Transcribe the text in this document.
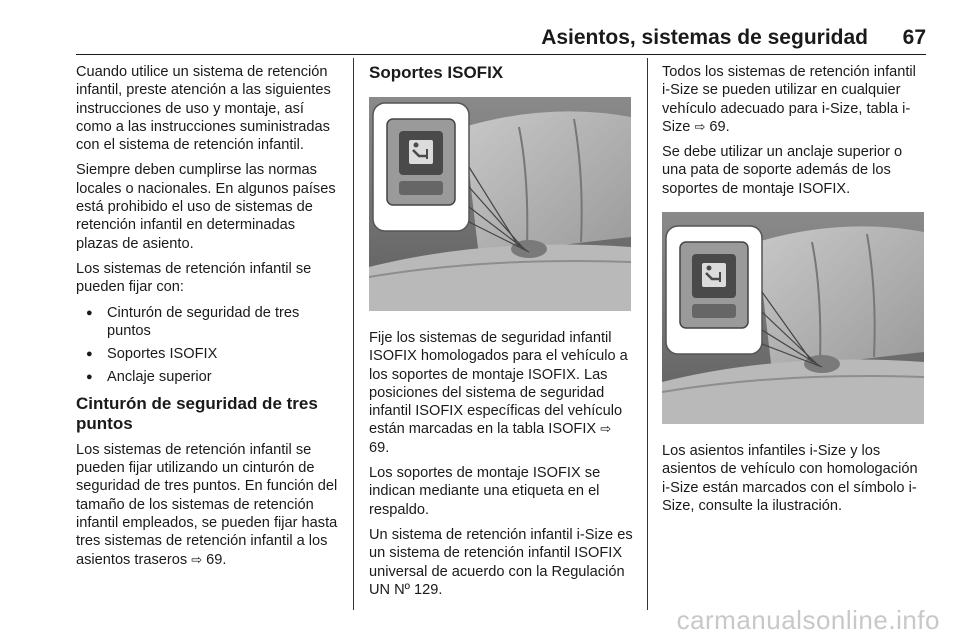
Asientos, sistemas de seguridad 67

Cuando utilice un sistema de retención infantil, preste atención a las siguientes instrucciones de uso y montaje, así como a las instrucciones suministradas con el sistema de retención infantil.

Siempre deben cumplirse las normas locales o nacionales. En algunos países está prohibido el uso de sistemas de retención infantil en determinadas plazas de asiento.

Los sistemas de retención infantil se pueden fijar con:

● Cinturón de seguridad de tres puntos
● Soportes ISOFIX
● Anclaje superior
Cinturón de seguridad de tres puntos

Los sistemas de retención infantil se pueden fijar utilizando un cinturón de seguridad de tres puntos. En función del tamaño de los sistemas de retención infantil empleados, se pueden fijar hasta tres sistemas de retención infantil a los asientos traseros ⇨ 69.

Soportes ISOFIX

Fije los sistemas de seguridad infantil ISOFIX homologados para el vehículo a los soportes de montaje ISOFIX. Las posiciones del sistema de seguridad infantil ISOFIX específicas del vehículo están marcadas en la tabla ISOFIX ⇨ 69.

Los soportes de montaje ISOFIX se indican mediante una etiqueta en el respaldo.

Un sistema de retención infantil i-Size es un sistema de retención infantil ISOFIX universal de acuerdo con la Regulación UN Nº 129.

Todos los sistemas de retención infantil i-Size se pueden utilizar en cualquier vehículo adecuado para i-Size, tabla i-Size ⇨ 69.

Se debe utilizar un anclaje superior o una pata de soporte además de los soportes de montaje ISOFIX.

Los asientos infantiles i-Size y los asientos de vehículo con homologación i-Size están marcados con el símbolo i-Size, consulte la ilustración.

carmanualsonline.info
